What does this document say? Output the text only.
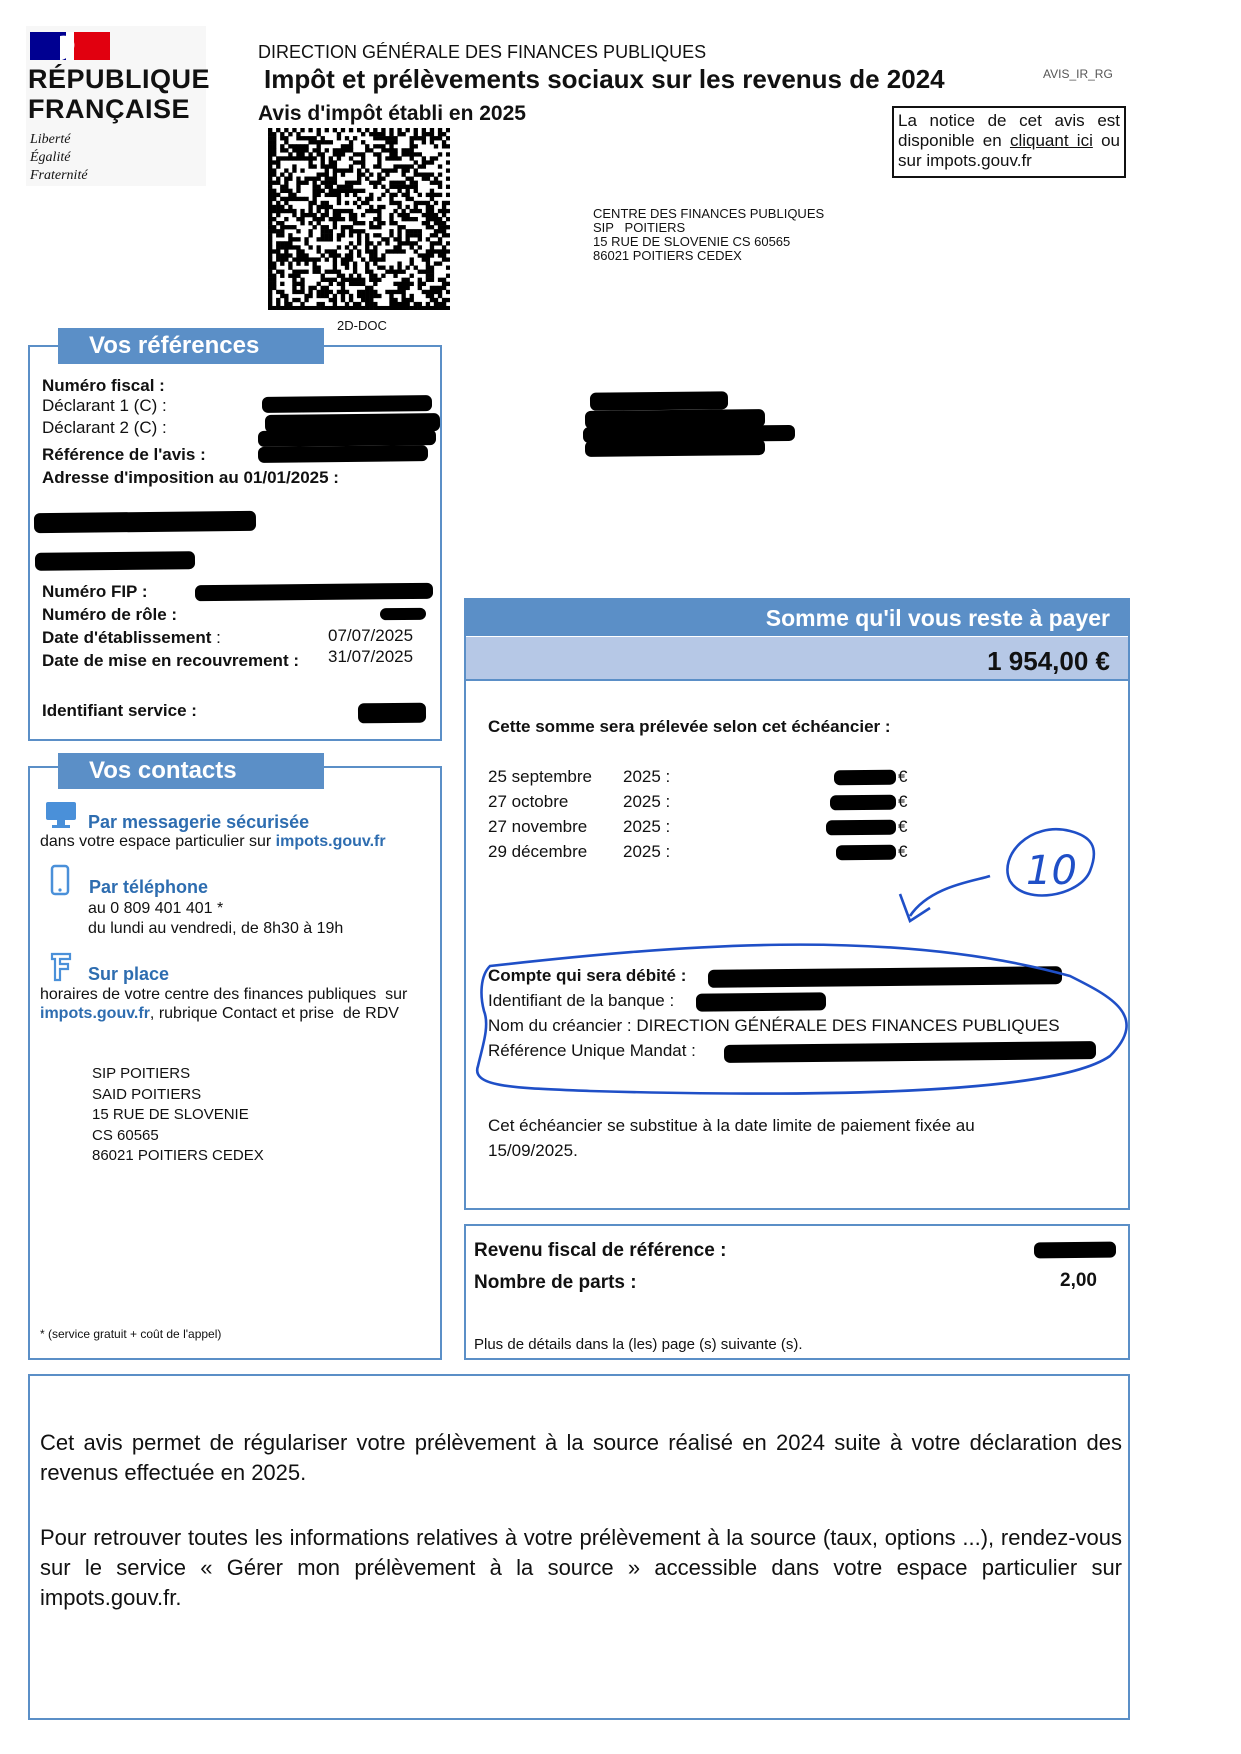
RÉPUBLIQUE
FRANÇAISE
Liberté
Égalité
Fraternité
DIRECTION GÉNÉRALE DES FINANCES PUBLIQUES
Impôt et prélèvements sociaux sur les revenus de 2024	AVIS_IR_RG
Avis d'impôt établi en 2025	La notice de cet avis est disponible en cliquant ici ou sur impots.gouv.fr
2D-DOC
CENTRE DES FINANCES PUBLIQUES
SIP   POITIERS
15 RUE DE SLOVENIE CS 60565
86021 POITIERS CEDEX
Vos références
Numéro fiscal :
Déclarant 1 (C) :
Déclarant 2 (C) :
Référence de l'avis :
Adresse d'imposition au 01/01/2025 :
Numéro FIP :
Numéro de rôle :
Date d'établissement :	07/07/2025
Date de mise en recouvrement : 31/07/2025
Identifiant service :
Vos contacts
Par messagerie sécurisée
dans votre espace particulier sur impots.gouv.fr
Par téléphone
au 0 809 401 401 *
du lundi au vendredi, de 8h30 à 19h
Sur place
horaires de votre centre des finances publiques  sur
impots.gouv.fr, rubrique Contact et prise  de RDV
SIP POITIERS
SAID POITIERS
15 RUE DE SLOVENIE
CS 60565
86021 POITIERS CEDEX
* (service gratuit + coût de l'appel)
Somme qu'il vous reste à payer
1 954,00 €
Cette somme sera prélevée selon cet échéancier :
25 septembre 2025 :	€
27 octobre	2025 :	€
27 novembre 2025 :	€
29 décembre 2025 :	€
Compte qui sera débité :
Identifiant de la banque :
Nom du créancier : DIRECTION GÉNÉRALE DES FINANCES PUBLIQUES
Référence Unique Mandat :
10
Cet échéancier se substitue à la date limite de paiement fixée au
15/09/2025.
Revenu fiscal de référence :
Nombre de parts :	2,00
Plus de détails dans la (les) page (s) suivante (s).
Cet avis permet de régulariser votre prélèvement à la source réalisé en 2024 suite à votre déclaration des revenus effectuée en 2025.
Pour retrouver toutes les informations relatives à votre prélèvement à la source (taux, options ...), rendez-vous sur le service « Gérer mon prélèvement à la source » accessible dans votre espace particulier sur impots.gouv.fr.
